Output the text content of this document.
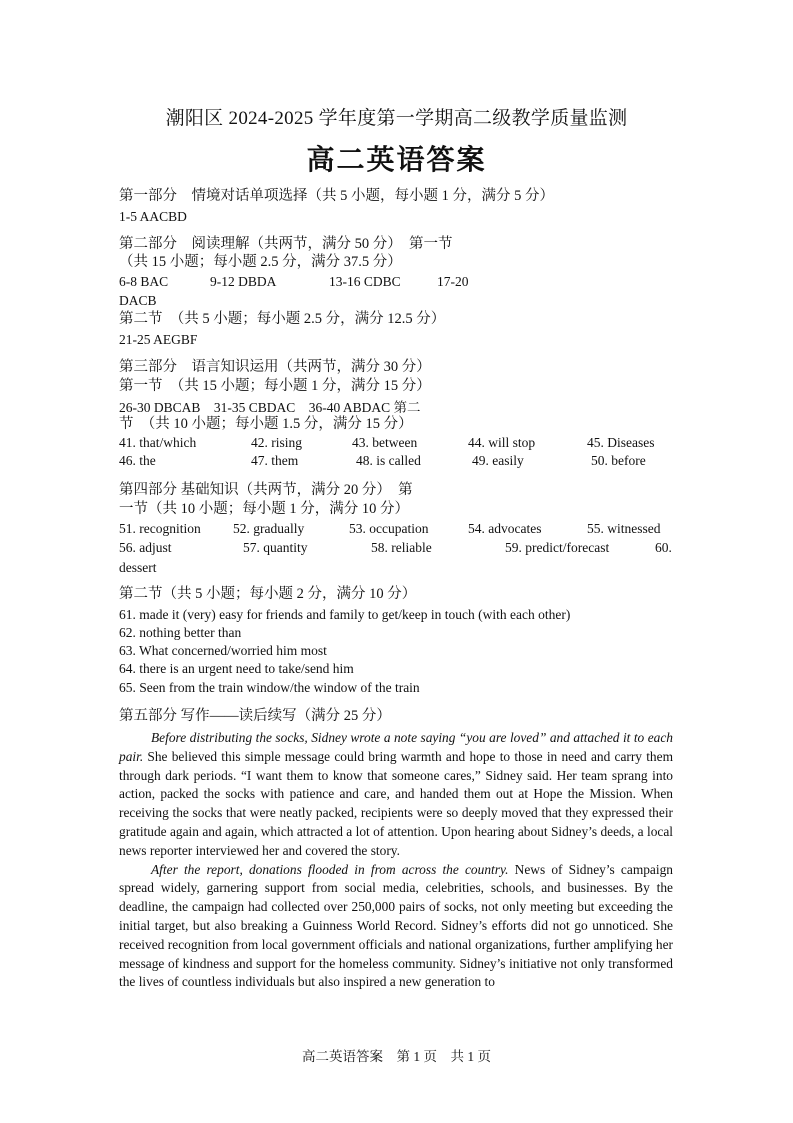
潮阳区 2024-2025 学年度第一学期高二级教学质量监测
高二英语答案
第一部分　情境对话单项选择（共 5 小题，每小题 1 分，满分 5 分）
1-5 AACBD
第二部分　阅读理解（共两节，满分 50 分）　第一节
（共 15 小题；每小题 2.5 分，满分 37.5 分）
6-8 BAC	9-12 DBDA	13-16 CDBC	17-20
DACB
第二节　（共 5 小题；每小题 2.5 分，满分 12.5 分）
21-25 AEGBF
第三部分　语言知识运用（共两节，满分 30 分）
第一节　（共 15 小题；每小题 1 分，满分 15 分）
26-30 DBCAB　31-35 CBDAC　36-40 ABDAC 第二
节　（共 10 小题；每小题 1.5 分，满分 15 分）
41. that/which	42. rising	43. between	44. will stop	45. Diseases
46. the	47. them	48. is called	49. easily	50. before
第四部分 基础知识（共两节，满分 20 分）　第
一节（共 10 小题；每小题 1 分，满分 10 分）
51. recognition 52. gradually	53. occupation	54. advocates	55. witnessed
56. adjust	57. quantity	58. reliable	59. predict/forecast	60.
dessert
第二节（共 5 小题；每小题 2 分，满分 10 分）
61. made it (very) easy for friends and family to get/keep in touch (with each other)
62. nothing better than
63. What concerned/worried him most
64. there is an urgent need to take/send him
65. Seen from the train window/the window of the train
第五部分 写作——读后续写（满分 25 分）

Before distributing the socks, Sidney wrote a note saying “you are loved” and attached it to each pair. She believed this simple message could bring warmth and hope to those in need and carry them through dark periods. “I want them to know that someone cares,” Sidney said. Her team sprang into action, packed the socks with patience and care, and handed them out at Hope the Mission. When receiving the socks that were neatly packed, recipients were so deeply moved that they expressed their gratitude again and again, which attracted a lot of attention. Upon hearing about Sidney’s deeds, a local news reporter interviewed her and covered the story.

After the report, donations flooded in from across the country. News of Sidney’s campaign spread widely, garnering support from social media, celebrities, schools, and businesses. By the deadline, the campaign had collected over 250,000 pairs of socks, not only meeting but exceeding the initial target, but also breaking a Guinness World Record. Sidney’s efforts did not go unnoticed. She received recognition from local government officials and national organizations, further amplifying her message of kindness and support for the homeless community. Sidney’s initiative not only transformed the lives of countless individuals but also inspired a new generation to

高二英语答案　第 1 页　共 1 页
